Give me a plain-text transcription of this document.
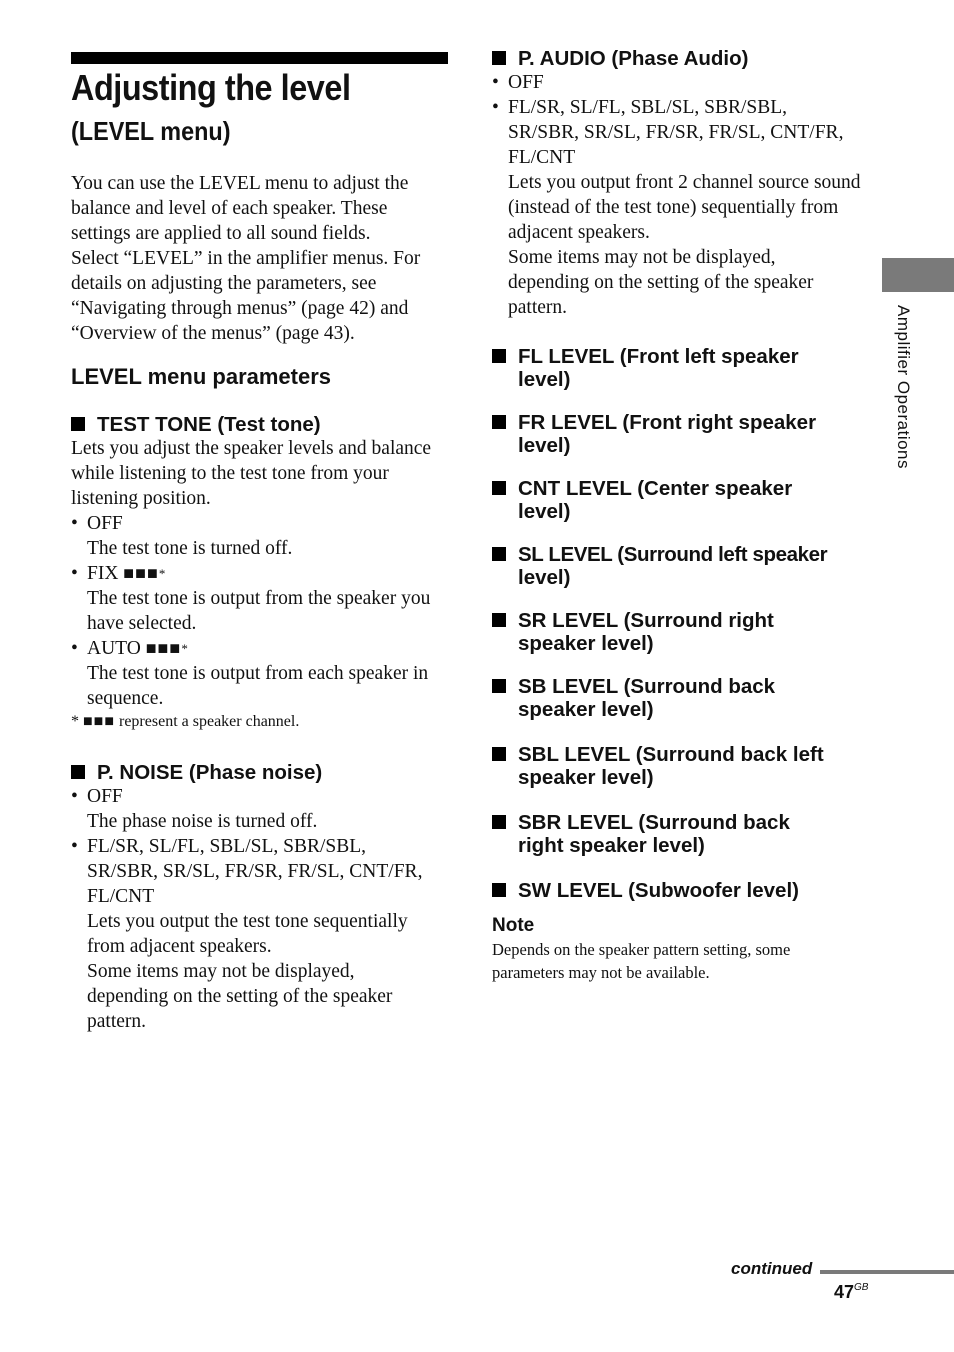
Adjusting the level
(LEVEL menu)
You can use the LEVEL menu to adjust the
balance and level of each speaker. These
settings are applied to all sound fields.
Select “LEVEL” in the amplifier menus. For
details on adjusting the parameters, see
“Navigating through menus” (page 42) and
“Overview of the menus” (page 43).
LEVEL menu parameters
TEST TONE (Test tone)
Lets you adjust the speaker levels and balance
while listening to the test tone from your
listening position.
• OFF
The test tone is turned off.
• FIX ■■■*
The test tone is output from the speaker you
have selected.
• AUTO ■■■*
The test tone is output from each speaker in
sequence.
* ■■■ represent a speaker channel.
P. NOISE (Phase noise)
• OFF
The phase noise is turned off.
• FL/SR, SL/FL, SBL/SL, SBR/SBL,
SR/SBR, SR/SL, FR/SR, FR/SL, CNT/FR,
FL/CNT
Lets you output the test tone sequentially
from adjacent speakers.
Some items may not be displayed,
depending on the setting of the speaker
pattern.
P. AUDIO (Phase Audio)
• OFF
• FL/SR, SL/FL, SBL/SL, SBR/SBL,
SR/SBR, SR/SL, FR/SR, FR/SL, CNT/FR,
FL/CNT
Lets you output front 2 channel source sound
(instead of the test tone) sequentially from
adjacent speakers.
Some items may not be displayed,
depending on the setting of the speaker
pattern.
FL LEVEL (Front left speaker
level)
FR LEVEL (Front right speaker
level)
CNT LEVEL (Center speaker
level)
SL LEVEL (Surround left speaker
level)
SR LEVEL (Surround right
speaker level)
SB LEVEL (Surround back
speaker level)
SBL LEVEL (Surround back left
speaker level)
SBR LEVEL (Surround back
right speaker level)
SW LEVEL (Subwoofer level)
Note
Depends on the speaker pattern setting, some
parameters may not be available.
Amplifier Operations
continued
$47^{GB}$
